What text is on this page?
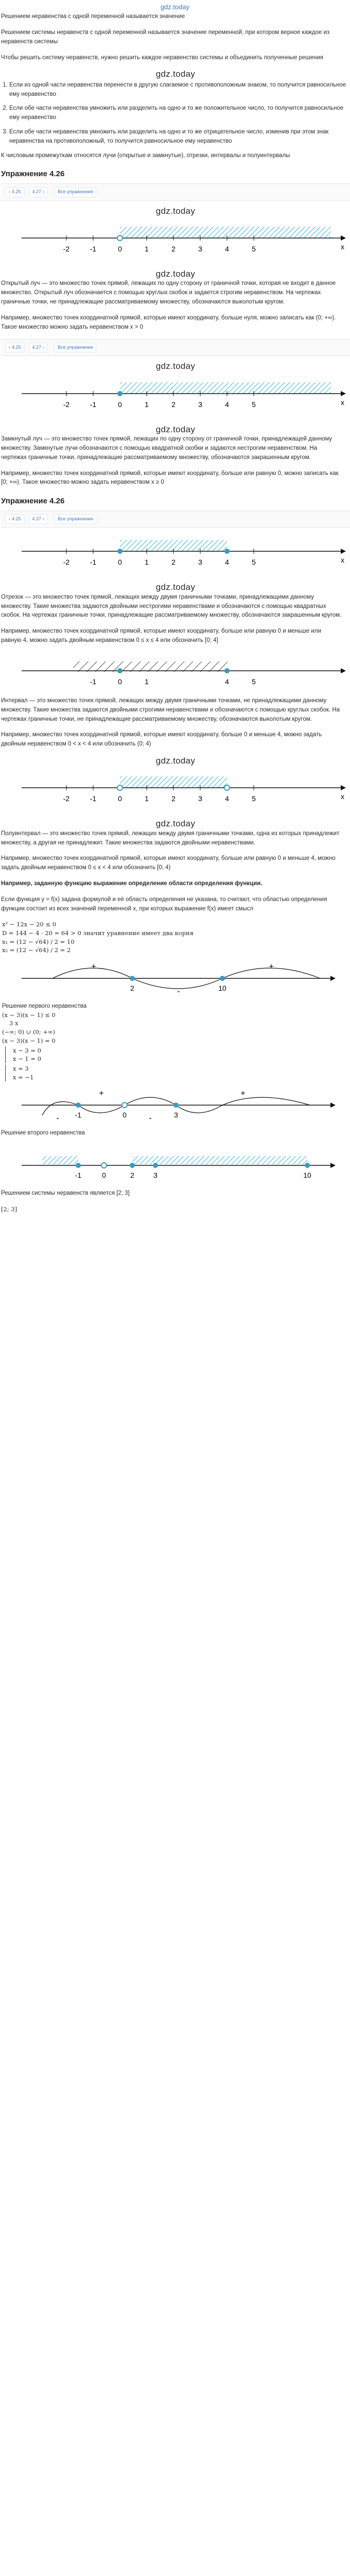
gdz.today

Решением неравенства с одной переменной называется значение

Решением системы неравенств с одной переменной называется значение переменной, при котором верное каждое из неравенств системы

Чтобы решить систему неравенств, нужно решить каждое неравенство системы и объединить полученные решения

gdz.today
1. Если из одной части неравенства перенести в другую слагаемое с противоположным знаком, то получится равносильное ему неравенство
2. Если обе части неравенства умножить или разделить на одно и то же положительное число, то получится равносильное ему неравенство
3. Если обе части неравенства умножить или разделить на одно и то же отрицательное число, изменив при этом знак неравенства на противоположный, то получится равносильное ему неравенство

К числовым промежуткам относятся лучи (открытые и замкнутые), отрезки, интервалы и полуинтервалы

Упражнение 4.26
‹ 4.25 4.27 ›	Все упражнения
gdz.today
-2	-1	0	1	2	3	4	5	x
gdz.today

Открытый луч — это множество точек прямой, лежащих по одну сторону от граничной точки, которая не входит в данное множество. Открытый луч обозначается с помощью круглых скобок и задается строгим неравенством. На чертежах граничные точки, не принадлежащие рассматриваемому множеству, обозначаются выколотым кругом.

Например, множество точек координатной прямой, которые имеют координату, больше нуля, можно записать как (0; +∞). Такое множество можно задать неравенством x > 0

‹ 4.25 4.27 ›	Все упражнения
gdz.today
-2	-1	0	1	2	3	4	5	x
gdz.today

Замкнутый луч — это множество точек прямой, лежащих по одну сторону от граничной точки, принадлежащей данному множеству. Замкнутые лучи обозначаются с помощью квадратной скобки и задаются нестрогим неравенством. На чертежах граничные точки, принадлежащие рассматриваемому множеству, обозначаются закрашенным кругом.

Например, множество точек координатной прямой, которые имеют координату, больше или равную 0, можно записать как [0; +∞). Такое множество можно задать неравенством x ≥ 0

Упражнение 4.26
‹ 4.25 4.27 ›	Все упражнения
-2	-1	0	1	2	3	4	5	x
gdz.today

Отрезок — это множество точек прямой, лежащих между двумя граничными точками, принадлежащими данному множеству. Такие множества задаются двойными нестрогими неравенствами и обозначаются с помощью квадратных скобок. На чертежах граничные точки, принадлежащие рассматриваемому множеству, обозначаются закрашенным кругом.

Например, множество точек координатной прямой, которые имеют координату, больше или равную 0 и меньше или равную 4, можно задать двойным неравенством 0 ≤ x ≤ 4 или обозначить [0; 4]

-1	0	1	4	5

Интервал — это множество точек прямой, лежащих между двумя граничными точками, не принадлежащими данному множеству. Такие множества задаются двойными строгими неравенствами и обозначаются с помощью круглых скобок. На чертежах граничные точки, не принадлежащие рассматриваемому множеству, обозначаются выколотым кругом.

Например, множество точек координатной прямой, которые имеют координату, больше 0 и меньше 4, можно задать двойным неравенством 0 < x < 4 или обозначить (0; 4)

gdz.today
-2	-1	0	1	2	3	4	5	x
gdz.today

Полуинтервал — это множество точек прямой, лежащих между двумя граничными точками, одна из которых принадлежит множеству, а другая не принадлежит. Такие множества задаются двойными неравенствами.

Например, множество точек координатной прямой, которые имеют координату, больше или равную 0 и меньше 4, можно задать двойным неравенством 0 ≤ x < 4 или обозначить [0; 4)

Например, заданную функцию выражение определение области определения функции.

Если функция y = f(x) задана формулой и её область определения не указана, то считают, что областью определения функции состоит из всех значений переменной x, при которых выражение f(x) имеет смысл

x² − 12x − 20 ≤ 0
D = 144 − 4 · 20 = 64 > 0 значит уравнение имеет два корня
x₁ = (12 − √64) / 2 = 10
x₂ = (12 − √64) / 2 = 2
+
-
+
2	10
Решение первого неравенства
(x − 3)(x − 1) ≤ 0
3 x
(−∞; 0) ∪ (0; +∞)
(x − 3)(x − 1) = 0
x − 3 = 0
x − 1 = 0
x = 3
x = −1
-
+
-
+
-1	0	3

Решение второго неравенства

-1	0	2	3	10

Решением системы неравенств является [2; 3]

[2; 3]
